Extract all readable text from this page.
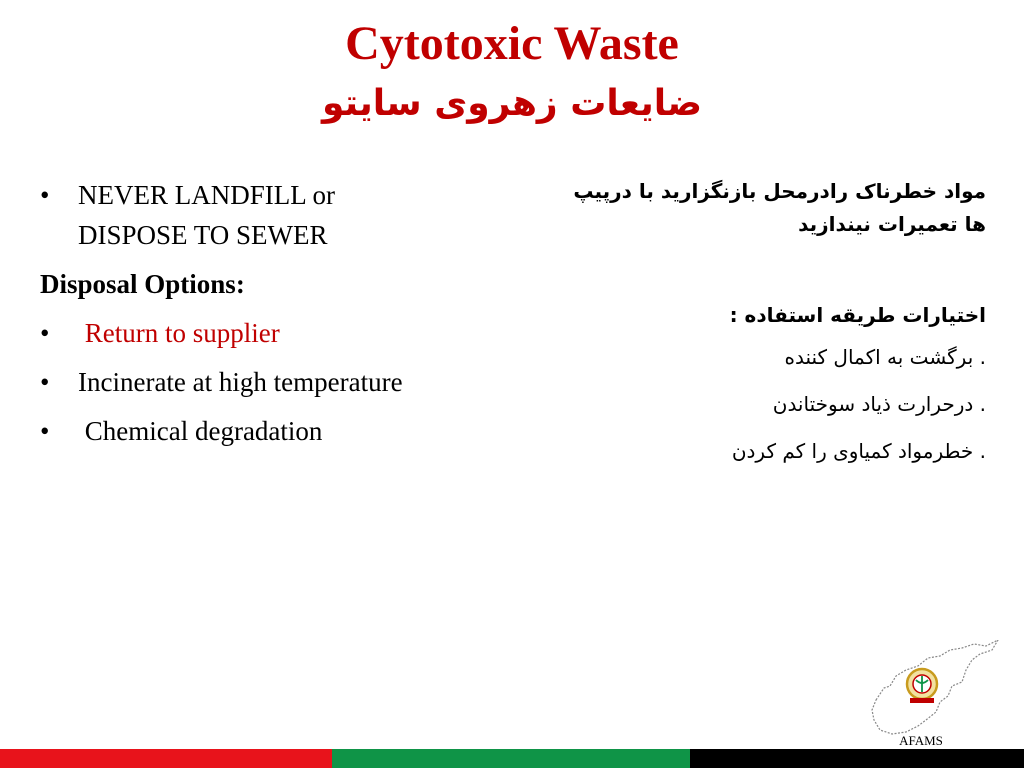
Cytotoxic Waste
ضایعات زهروی سایتو
•	NEVER LANDFILL or DISPOSE TO SEWER
Disposal Options:
•	Return to supplier
•	Incinerate at high temperature
•	Chemical degradation
مواد خطرناک رادرمحل بازنگزارید با درپیپ ها تعمیرات نیندازید
اختیارات طریقه استفاده :
. برگشت به اکمال کننده
. درحرارت ذیاد سوختاندن
. خطرمواد کمیاوی را کم کردن
AFAMS
